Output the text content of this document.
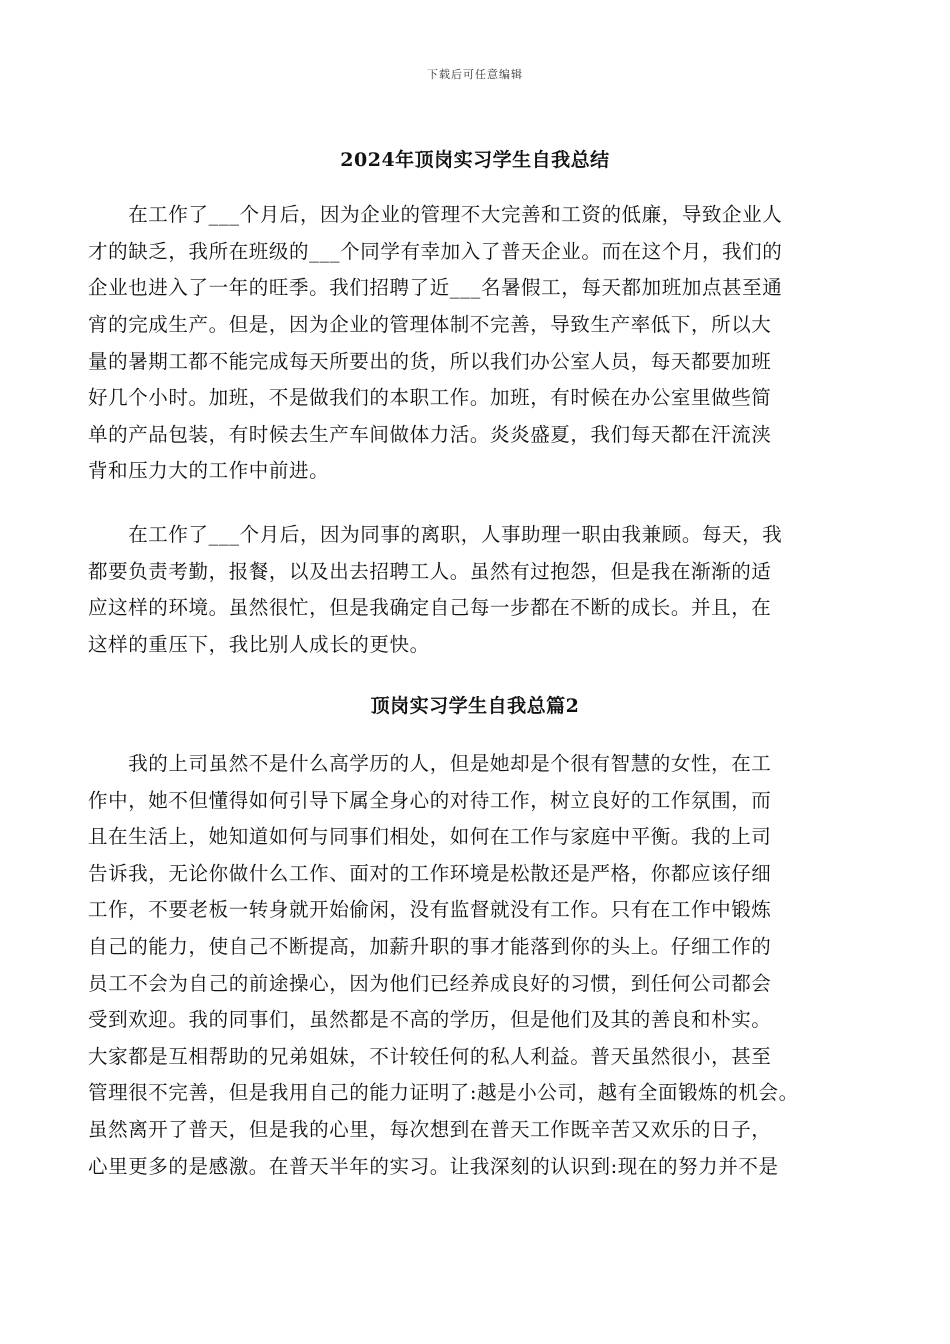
下载后可任意编辑
2024年顶岗实习学生自我总结
　　在工作了___个月后，因为企业的管理不大完善和工资的低廉，导致企业人
才的缺乏，我所在班级的___个同学有幸加入了普天企业。而在这个月，我们的
企业也进入了一年的旺季。我们招聘了近___名暑假工，每天都加班加点甚至通
宵的完成生产。但是，因为企业的管理体制不完善，导致生产率低下，所以大
量的暑期工都不能完成每天所要出的货，所以我们办公室人员，每天都要加班
好几个小时。加班，不是做我们的本职工作。加班，有时候在办公室里做些简
单的产品包装，有时候去生产车间做体力活。炎炎盛夏，我们每天都在汗流浃
背和压力大的工作中前进。
　　在工作了___个月后，因为同事的离职，人事助理一职由我兼顾。每天，我
都要负责考勤，报餐，以及出去招聘工人。虽然有过抱怨，但是我在渐渐的适
应这样的环境。虽然很忙，但是我确定自己每一步都在不断的成长。并且，在
这样的重压下，我比别人成长的更快。
顶岗实习学生自我总篇2
　　我的上司虽然不是什么高学历的人，但是她却是个很有智慧的女性，在工
作中，她不但懂得如何引导下属全身心的对待工作，树立良好的工作氛围，而
且在生活上，她知道如何与同事们相处，如何在工作与家庭中平衡。我的上司
告诉我，无论你做什么工作、面对的工作环境是松散还是严格，你都应该仔细
工作，不要老板一转身就开始偷闲，没有监督就没有工作。只有在工作中锻炼
自己的能力，使自己不断提高，加薪升职的事才能落到你的头上。仔细工作的
员工不会为自己的前途操心，因为他们已经养成良好的习惯，到任何公司都会
受到欢迎。我的同事们，虽然都是不高的学历，但是他们及其的善良和朴实。
大家都是互相帮助的兄弟姐妹，不计较任何的私人利益。普天虽然很小，甚至
管理很不完善，但是我用自己的能力证明了:越是小公司，越有全面锻炼的机会。
虽然离开了普天，但是我的心里，每次想到在普天工作既辛苦又欢乐的日子，
心里更多的是感激。在普天半年的实习。让我深刻的认识到:现在的努力并不是
